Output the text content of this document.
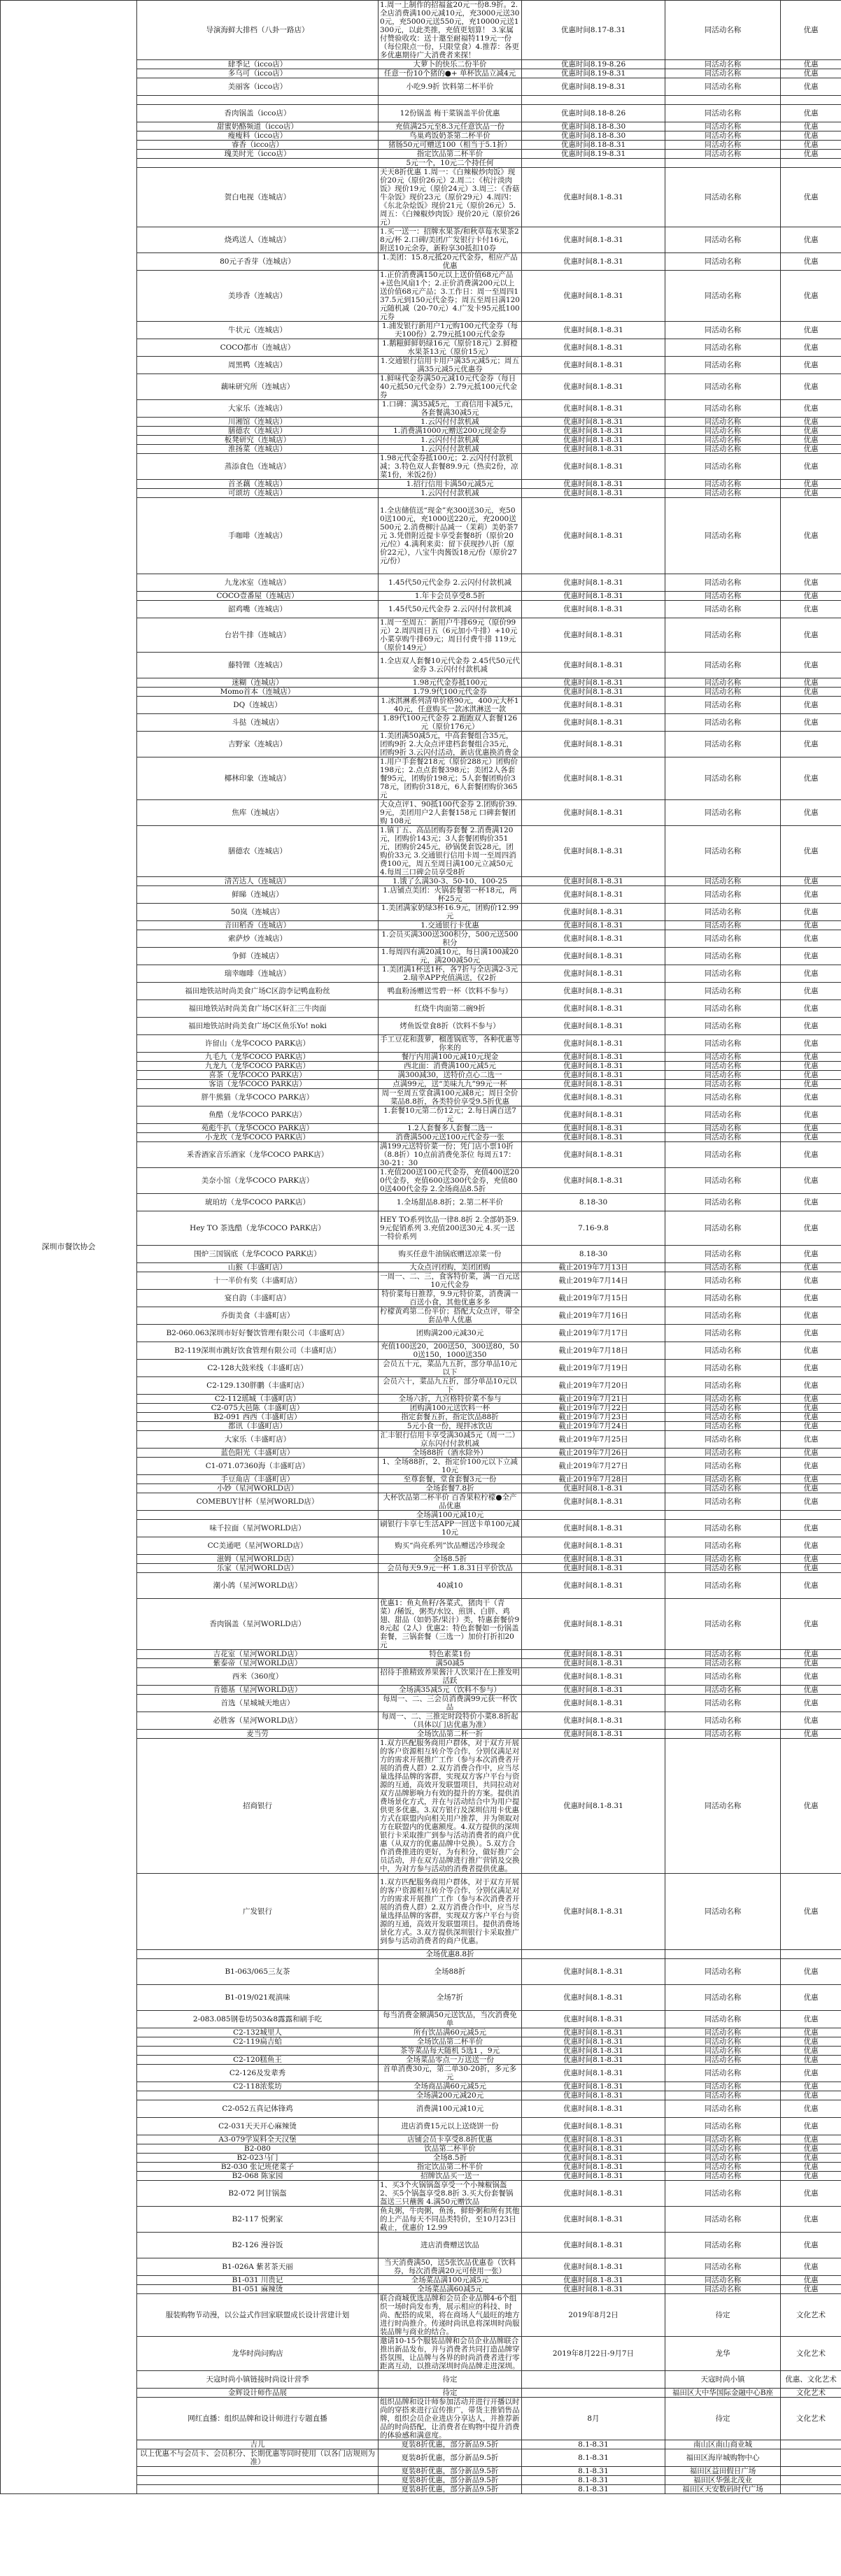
	深圳市餐饮协会	导演海鲜大排档（八卦一路店）	1.周一上制作的招福盆20元一份8.9折。2.全店消费满100元减10元，充3000元送300元，充5000元送550元，充10000元送1300元，以此类推，充值更划算！ 3.家属付赞验收攻：送十邀至耐福特119元一份（每位限点一份，只限堂食）4.推荐：各更多优惠期待广大消费者来探！	优惠时间8.17-8.31	同活动名称	优惠
	肆季记（icco店）	大萝卜的快乐二份半价	优惠时间8.19-8.26	同活动名称	优惠
	多乌可（icco店）	任意一份10个猪的●+ 单杯饮品立减4元	优惠时间8.19-8.31	同活动名称	优惠
	美丽客（icco店）	小吃9.9折 饮料第二杯半价	优惠时间8.19-8.31	同活动名称	优惠

	香肉锅盖（icco店）	12份锅盖 梅干菜锅盖半价优惠	优惠时间8.18-8.26	同活动名称	优惠
	甜蜜奶酪频道（icco店）	充值满25元至8.3元任意饮品一份	优惠时间8.18-8.30	同活动名称	优惠
	瘦瘦料（icco店）	鸟巢鸡饭奶茶第二杯半价	优惠时间8.18-8.30	同活动名称	优惠
	睿香（icco店）	猪肠50元可赠送100（相当于5.1折）	优惠时间8.18-8.31	同活动名称	优惠
	瑰美时光（icco店）	指定饮品第二杯半价	优惠时间8.19-8.31	同活动名称	优惠
		5元一个，10元二个持任何			
	贺白电视（连城店）	天天8折优惠 1.周一：《白辣椒炒肉饭》现价20元（原价26元）2.周二：《杭汁淡肉饭》现价19元（原价24元）3.周三：《香菇牛杂饭》现价23元（原价29元）4.周四：《东北杂烩饭》现价21元（原价26元）5.周五：《白辣椒炒肉饭》现价20元（原价26元）	优惠时间8.1-8.31	同活动名称	优惠
	烧鸡送人（连城店）	1.买一送一：招牌水果茶/和秋草莓水果茶28元/杯 2.口碑/美团/广发银行卡付16元，附送10元余券，新粉享30抵扣10券	优惠时间8.1-8.31	同活动名称	优惠
	80元子香芽（连城店）	1.美团：15.8元抵20元代金券，相应产品优惠	优惠时间8.1-8.31	同活动名称	优惠
	美珍香（连城店）	1.正价消费满150元以上送价值68元产品+送色风扇1个；2.正价消费满200元以上送价值68元产品；3.工作日：周一至周四137.5元到150元代金券；周五至周日满120元随机减（20-70元）4.广发卡95元抵100元券	优惠时间8.1-8.31	同活动名称	优惠
	牛状元（连城店）	1.浦发银行新用户1元购100元代金券（每天100份）2.79元抵100元代金券	优惠时间8.1-8.31	同活动名称	优惠
	COCO都市（连城店）	1.鹅糍鲜鲜奶绿16元（原价18元）2.鲜橙水果茶13元（原价15元）	优惠时间8.1-8.31	同活动名称	优惠
	周黑鸭（连城店）	1.交通银行信用卡用户满35元减5元；周五满35元减5元优惠券	优惠时间8.1-8.31	同活动名称	优惠
	藕味研究所（连城店）	1.鲜味代金券满50元减10元代金券（每日 40元抵50元代金券）2.79元抵100元代金券	优惠时间8.1-8.31	同活动名称	优惠
	大家乐（连城店）	1.口碑：满35减5元，工商信用卡减5元，各套餐满30减5元	优惠时间8.1-8.31	同活动名称	优惠
	川湘馆（连城店）	1.云闪付付款机减	优惠时间8.1-8.31	同活动名称	优惠
	膳德农（连城店）	1.消费满1000元赠送200元现金券	优惠时间8.1-8.31	同活动名称	优惠
	板凳研究（连城店）	1.云闪付付款机减	优惠时间8.1-8.31	同活动名称	优惠
	淮扬菜（连城店）	1.云闪付付款机减	优惠时间8.1-8.31	同活动名称	优惠
	蒸添食色（连城店）	1.98元代金券抵100元；2.云闪付付款机减；3.特色双人套餐89.9元（热卖2份，凉菜1份，米饭2份）	优惠时间8.1-8.31	同活动名称	优惠
	首圣藕（连城店）	1.招行信用卡满50元减5元	优惠时间8.1-8.31	同活动名称	优惠
	可颂坊（连城店）	1.云闪付付款机减	优惠时间8.1-8.31	同活动名称	优惠
	手咖啡（连城店）	1.全店储值送“现金”充300送30元，充500送100元，充1000送220元，充2000送500元 2.消费柳汁品减一（茉莉）美奶茶7元 3.凭借附近提卡享受套餐8折（原价20元/位）4.满利来卖：留下获现抄八折（原价22元），八宝牛肉酱饭18元/份（原价27元/份）	优惠时间8.1-8.31	同活动名称	优惠
	九龙冰室（连城店）	1.45代50元代金券 2.云闪付付款机减	优惠时间8.1-8.31	同活动名称	优惠
	COCO壹番屋（连城店）	1.年卡会员享受8.5折	优惠时间8.1-8.31	同活动名称	优惠
	韶鸡嘴（连城店）	1.45代50元代金券 2.云闪付付款机减	优惠时间8.1-8.31	同活动名称	优惠
	台岩牛排（连城店）	1.周一至周五：新用户牛排69元（原价99元）2.周四周日五（6元加小牛排）+10元小菜享购牛排69元；周日付费牛排 119元（原价149元）	优惠时间8.1-8.31	同活动名称	优惠
	藤特锂（连城店）	1.全店双人套餐10元代金券 2.45代50元代金券 3.云闪付付款机减	优惠时间8.1-8.31	同活动名称	优惠
	迷糊（连城店）	1.98元代金券抵100元	优惠时间8.1-8.31	同活动名称	优惠
	Momo首本（连城店）	1.79.9代100元代金券	优惠时间8.1-8.31	同活动名称	优惠
	DQ（连城店）	1.冰淇淋系列清单价格90元，400元大杯140元，任意购买一款冰淇淋送一款	优惠时间8.1-8.31	同活动名称	优惠
	斗挞（连城店）	1.89代100元代金券 2.跑跑双人套餐126元（原价176元）	优惠时间8.1-8.31	同活动名称	优惠
	吉野家（连城店）	1.美团满50减5元，中高套餐组合35元，团购9折 2.大众点评建档套餐组合35元，团购9折 3.云闪付活动，新店优惠换消费金	优惠时间8.1-8.31	同活动名称	优惠
	椰林印象（连城店）	1.用户手套餐218元（原价288元）团购价198元；2.点点套餐398元；美团2人各套餐95元，团购价198元；5人套餐团购价378元，团购价318元，6人套餐团购价365元	优惠时间8.1-8.31	同活动名称	优惠
	焦库（连城店）	大众点评1、90抵100代金券 2.团购价39.9元，美团用户2人套餐158元 口碑套餐团购 108元	优惠时间8.1-8.31	同活动名称	优惠
	膳德农（连城店）	1.镇丁五、高品团购券套餐 2.消费满120元，团购价143元；3人套餐团购价351元，团购价245元，砂锅煲套饭28元，团购价33元 3.交通银行信用卡周一至周四消费100元，周五至周日满100元立减50元 4.每周三口碑会员享受8折	优惠时间8.1-8.31	同活动名称	优惠
	清苦达人（连城店）	1.饿了么满30-3、50-10、100-25	优惠时间8.1-8.31	同活动名称	优惠
	鲜睇（连城店）	1.店铺点美团：火锅套餐第一杯18元，两杯25元	优惠时间8.1-8.31	同活动名称	优惠
	50岚（连城店）	1.美团满家奶绿3杯16.9元，团购价12.99元	优惠时间8.1-8.31	同活动名称	优惠
	音田稻香（连城店）	1.交通银行卡优惠	优惠时间8.1-8.31	同活动名称	优惠
	索萨炒（连城店）	1.会员买满300送300积分，500元送500积分	优惠时间8.1-8.31	同活动名称	优惠
	争鲜（连城店）	1.每周四有满20减10元，每日满100减20元，满200减50元	优惠时间8.1-8.31	同活动名称	优惠
	瑞幸咖啡（连城店）	1.美团满1杯送1杯，各7折与全店满2-3元 2.瑞幸APP充值满送，仅2折	优惠时间8.1-8.31	同活动名称	优惠
	福田地铁站时尚美食广场C区韵李记鸭血粉丝	鸭血粉汤赠送雪碧一杯（饮料不参与）	优惠时间8.1-8.31	同活动名称	优惠
	福田地铁站时尚美食广场C区轩汇三牛肉面	红烧牛肉面第二碗9折	优惠时间8.1-8.31	同活动名称	优惠
	福田地铁站时尚美食广场C区鱼乐Yo! noki	烤鱼饭堂食8折（饮料不参与）	优惠时间8.1-8.31	同活动名称	优惠
	许留山（龙华COCO PARK店）	手工豆花和菠萝，榴莲锅底等，各种优惠等你来的	优惠时间8.1-8.31	同活动名称	优惠
	九毛九（龙华COCO PARK店）	餐厅内用满100元减10元现金	优惠时间8.1-8.31	同活动名称	优惠
	九龙九（龙华COCO PARK店）	西北面：消费满100元减5元	优惠时间8.1-8.31	同活动名称	优惠
	喜茶（龙华COCO PARK店）	满300减30，送特价点心二选一	优惠时间8.1-8.31	同活动名称	优惠
	客语（龙华COCO PARK店）	点满99元，送“美味九九”99元一杯	优惠时间8.1-8.31	同活动名称	优惠
	胖牛熊猫（龙华COCO PARK店）	周一至周五堂食满100元减8元；周日全价菜品8.8折，各类特价享受9.5折优惠	优惠时间8.1-8.31	同活动名称	优惠
	鱼酷（龙华COCO PARK店）	1.套餐10元第二份12元；2.每日满百送7元	优惠时间8.1-8.31	同活动名称	优惠
	苑彪牛扒（龙华COCO PARK店）	1.2人套餐多人套餐二选一	优惠时间8.1-8.31	同活动名称	优惠
	小龙坎（龙华COCO PARK店）	消费满500元送100元代金券一张	优惠时间8.1-8.31	同活动名称	优惠
	釆香酒家音乐酒家（龙华COCO PARK店）	满199元送特价菜一份；凭门店小票10折（8.8折）10点前消费免茶位 每周五17：30-21：30	优惠时间8.1-8.31	同活动名称	优惠
	美奈小馆（龙华COCO PARK店）	1.充值200送100元代金券，充值400送200代金券，充值600送300代金券，充值800送400代金券 2.全场商品8.5折	优惠时间8.1-8.31	同活动名称	优惠
	琥珀坊（龙华COCO PARK店）	1.全场甜品8.8折；2.第二杯半价	8.18-30	同活动名称	优惠
	Hey TO 茶选酷（龙华COCO PARK店）	HEY TO系列饮品一律8.8折 2.全部奶茶9.9元促销系列 3.充值200送30元 4.买一送一特价系列	7.16-9.8	同活动名称	优惠
	围炉三国锅底（龙华COCO PARK店）	购买任意牛油锅底赠送凉菜一份	8.18-30	同活动名称	优惠
	山猴（丰盛町店）	大众点评团购，美团团购	截止2019年7月13日	同活动名称	优惠
	十一半价有奖（丰盛町店）	一周一、二、三，食客特价菜，满一百元送10元代金券	截止2019年7月14日	同活动名称	优惠
	宴自韵（丰盛町店）	特价菜每日推荐，9.9元特价菜，消费满一百送小食，其他优惠多多	截止2019年7月15日	同活动名称	优惠
	乔街美食（丰盛町店）	柠檬黄鸡第二份半价；搭配大众点评，带全套品单人优惠	截止2019年7月16日	同活动名称	优惠
	B2-060.063深圳市好好餐饮管理有限公司（丰盛町店）	团购满200元减30元	截止2019年7月17日	同活动名称	优惠
	B2-119深圳市跳好饮食管理有限公司（丰盛町店）	充值100送20，200送50，300送80，500送150，1000送350	截止2019年7月18日	同活动名称	优惠
	C2-128大鼓米线（丰盛町店）	会员五十元，菜品九五折，部分单品10元以下	截止2019年7月19日	同活动名称	优惠
	C2-129.130胖鹏（丰盛町店）	会员六十，菜品九五折，部分单品10元以下	截止2019年7月20日	同活动名称	优惠
	C2-112瑶城（丰盛町店）	全场六折，九宫格特价菜不参与	截止2019年7月21日	同活动名称	优惠
	C2-075大邑陈（丰盛町店）	团购满100元送饮料一杯	截止2019年7月22日	同活动名称	优惠
	B2-091 西西（丰盛町店）	指定套餐五折，指定饮品88折	截止2019年7月23日	同活动名称	优惠
	都讯（丰盛町店）	5元小食一份，现拌冰饮店	截止2019年7月24日	同活动名称	优惠
	大家乐（丰盛町店）	汇丰银行信用卡享受满30减5元（周一二）京东闪付付款机减	截止2019年7月25日	同活动名称	优惠
	蓝色阳光（丰盛町店）	全场88折（酒水除外）	截止2019年7月26日	同活动名称	优惠
	C1-071.07360海（丰盛町店）	1、全场88折，2、指定价100元以下立减10元	截止2019年7月27日	同活动名称	优惠
	手豆角店（丰盛町店）	至尊套餐，堂食套餐3元一份	截止2019年7月28日	同活动名称	优惠
	小妙（星河WORLD店）	全场套餐7.8折	优惠时间8.1-8.31	同活动名称	优惠
	COMEBUY甘杯（星河WORLD店）	大杯饮品第二杯半价 百香果粒柠檬●全产品优惠	优惠时间8.1-8.31	同活动名称	优惠
		全场满100元减10元			
	味千拉面（星河WORLD店）	刷银行卡享七生活APP一回送卡单100元减10元	优惠时间8.1-8.31	同活动名称	优惠
	CC美通吧（星河WORLD店）	购买“尚亮系列”饮品赠送冷珍现金	优惠时间8.1-8.31	同活动名称	优惠
	滋姆（星河WORLD店）	全场8.5折	优惠时间8.1-8.31	同活动名称	优惠
	乐家（星河WORLD店）	会员每天9.9元一杯 1.8.31日平价饮品	优惠时间8.1-8.31	同活动名称	优惠
	潮小鸽（星河WORLD店）	40减10	优惠时间8.1-8.31	同活动名称	优惠
	香肉锅盖（星河WORLD店）	优惠1：鱼丸鱼籽/各菜式，猪肉干（青菜）/稀饭，粥类/水饺、煎饼、白胖、鸡翅、甜品（如奶茶/果汁）类，特惠套餐价98元起（2人）优惠2：特色套餐如一份锅盖套餐，三锅套餐（三选一）加价打折扣20元	优惠时间8.1-8.31	同活动名称	优惠
	吉花室（星河WORLD店）	特色素菜1份	优惠时间8.1-8.31	同活动名称	优惠
	紫泰帝（星河WORLD店）	满50减5	优惠时间8.1-8.31	同活动名称	优惠
	西米（360度）	招待手推精致养果酱汁人饮果汁在上推发明活跃	优惠时间8.1-8.31	同活动名称	优惠
	肯德基（星河WORLD店）	全场满35减5元（饮料不参与）	优惠时间8.1-8.31	同活动名称	优惠
	首选（星城城天地店）	每周一、二、三会员消费满99元获一杯饮品	优惠时间8.1-8.31	同活动名称	优惠
	必胜客（星河WORLD店）	每周一、二、三推定时段特价小菜8.8折起（具体以门店优惠为准）	优惠时间8.1-8.31	同活动名称	优惠
	麦当劳	全场饮品第二杯一折	优惠时间8.1-8.31	同活动名称	优惠
	招商银行	1.双方匹配服务商用户群体，对于双方开展的客户资源相互转介等合作，分别仅满足对方的需求开展推广工作（参与本次消费者开展的消费人群）2.双方消费合作中，应当尽量选择品牌的客群，实现双方客户平台与资源的互通，高效开发联盟项目，共同拉动对双方品牌影响力有效的提升的方案。提供消费场景化方式，并在与活动结合中为用户提供更多优惠。3.双方银行及深圳信用卡优惠方式在联盟内向相关用户推荐，并为领取对方在联盟内的优惠额度。4.双方提供的深圳银行卡采取推广到参与活动消费者的商户优惠（从双方的优惠品牌中兑换）。5.双方合作消费推进的更好，为有积分，做好推广会员活动，并在双方品牌进行推广营销及交换中，为对方参与活动的消费者提供优惠。	优惠时间8.1-8.31	同活动名称	优惠
	广发银行	1.双方匹配服务商用户群体，对于双方开展的客户资源相互转介等合作，分别仅满足对方的需求开展推广工作（参与本次消费者开展的消费人群）2.双方消费合作中，应当尽量选择品牌的客群，实现双方客户平台与资源的互通，高效开发联盟项目。提供消费场景化方式。3.双方提供深圳银行卡采取推广到参与活动消费者的商户优惠。	优惠时间8.1-8.31	同活动名称	优惠
		全场优惠8.8折			
	B1-063/065三友茶	全场88折	优惠时间8.1-8.31	同活动名称	优惠
	B1-019/021观滇味	全场7折	优惠时间8.1-8.31	同活动名称	优惠
	2-083.085钢卷坊503&8露露和刷手吃	每当消费金额满50元送饮品，当次消费免单	优惠时间8.1-8.31	同活动名称	优惠
	C2-132城里人	所有饮品满60元减5元	优惠时间8.1-8.31	同活动名称	优惠
	C2-119扁吉蛤	全场饮品第二杯半价	优惠时间8.1-8.31	同活动名称	优惠
		茶等菜品每天随机 5选1 ，9元	优惠时间8.1-8.31	同活动名称	优惠
	C2-120糕鱼王	全场菜品零点一万送送一份	优惠时间8.1-8.31	同活动名称	优惠
	C2-126及发辈秀	首单消费30元，第二单30-20折，多元多元	优惠时间8.1-8.31	同活动名称	优惠
	C2-118浓浆坊	全场商品满60元减5元	优惠时间8.1-8.31	同活动名称	优惠
		全场满200元减20元	优惠时间8.1-8.31	同活动名称	优惠
	C2-052五真记体锋鸡	消费满100元减10元	优惠时间8.1-8.31	同活动名称	优惠
	C2-031天天开心麻辣烫	进店消费15元以上送烧饼一份	优惠时间8.1-8.31	同活动名称	优惠
	A3-079学炭料全天汉堡	店铺会员卡享受8.8折优惠	优惠时间8.1-8.31	同活动名称	优惠
	B2-080	饮品第二杯半价	优惠时间8.1-8.31	同活动名称	优惠
	B2-023马门	全场8.5折	优惠时间8.1-8.31	同活动名称	优惠
	B2-030 张记班佬菜子	指定饮品第二杯半价	优惠时间8.1-8.31	同活动名称	优惠
	B2-068 陈家园	招牌饮品买一送一	优惠时间8.1-8.31	同活动名称	优惠
	B2-072 阿甘锅盔	1、买3个火锅锅盔享受一个小辣椒锅盔 2、买5个锅盔享受8.8折 3.买大份套餐锅盔送三只蘸酱 4.满50元赠饮品	优惠时间8.1-8.31	同活动名称	优惠
	B2-117 悦粥家	鱼丸粥，牛肉粥，鱼汤，鲜虾粥和所有其他的上产品每天不同品类特价，至10月23日截止，优惠价 12.99	优惠时间8.1-8.31	同活动名称	优惠
	B2-126 漫谷饭	进店消费赠送饮品	优惠时间8.1-8.31	同活动名称	优惠
	B1-026A 紫茗茶天丽	当天消费满50，送5张饮品优惠卷（饮料券，每次消费满20元可使用一张）	优惠时间8.1-8.31	同活动名称	优惠
	B1-031 川贵记	全场菜品满100元减5元	优惠时间8.1-8.31	同活动名称	优惠
	B1-051 麻辣烫	全场菜品满60减5元	优惠时间8.1-8.31	同活动名称	优惠
	服装购物节动漫，以公益式作回家联盟成长设计营建计划	联合商城优选品牌和会员企业品牌4-6个组织一场时尚发布秀，展示相应的科技、时尚、配搭的成果，将在商场人气最旺的地方进行时尚推介。传递时尚讯息将深圳时尚服装品牌与商业的结合。	2019年8月2日	待定	文化艺术
	龙华时尚问购店	邀请10-15个服装品牌和会员企业品牌联合推出新品发布，并与消费者共同打造品牌穿搭氛围，让品牌与各界的时尚消费者进行零距离互动，以推动深圳时尚品牌走进深圳。	2019年8月22日-9月7日	龙华	文化艺术
	天寇时尚小镇链接时尚设计营季	待定		天寇时尚小镇	优惠、文化艺术
	金辉设计师作品展	待定		福田区大中华国际金融中心B座	文化艺术
	网红直播：组织品牌和设计师进行专题直播	组织品牌和设计师参加活动并进行开播以时尚的穿搭来进行宣传推广，带货主推销售品牌，组织会员企业进店分享达人，并推荐新品的时尚搭配，让消费者在购物中提升消费的体验感和满意度。	8月	待定	文化艺术
	吉儿	夏装8折优惠，部分新品9.5折	8.1-8.31	南山区南山商业城	
	以上优惠不与会员卡、会员积分、长期优惠等同时使用（以各门店规则为准）	夏装8折优惠，部分新品9.5折	8.1-8.31	福田区海岸城购物中心	
		夏装8折优惠，部分新品9.5折	8.1-8.31	福田区益田假日广场	
		夏装8折优惠，部分新品9.5折	8.1-8.31	福田区华强北茂业	
		夏装8折优惠，部分新品9.5折	8.1-8.31	福田区天安数码时代广场	
